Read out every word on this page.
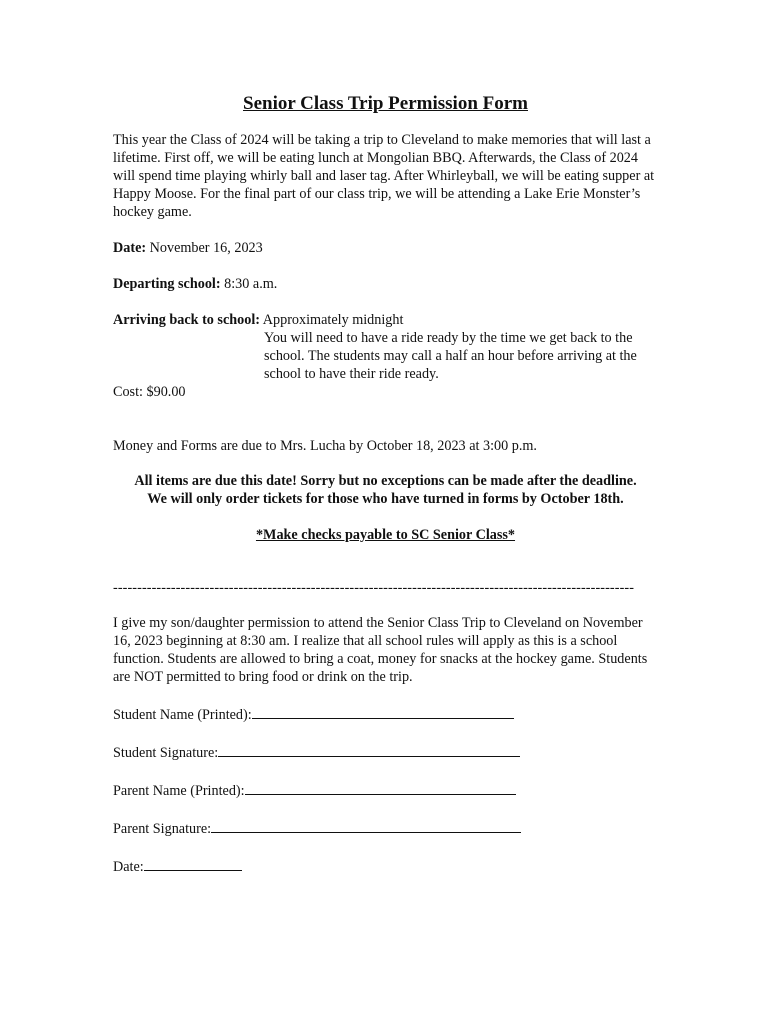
Senior Class Trip Permission Form

This year the Class of 2024 will be taking a trip to Cleveland to make memories that will last a lifetime. First off, we will be eating lunch at Mongolian BBQ. Afterwards, the Class of 2024 will spend time playing whirly ball and laser tag. After Whirleyball, we will be eating supper at Happy Moose. For the final part of our class trip, we will be attending a Lake Erie Monster’s hockey game.

Date: November 16, 2023

Departing school: 8:30 a.m.

Arriving back to school: Approximately midnight

You will need to have a ride ready by the time we get back to the school. The students may call a half an hour before arriving at the school to have their ride ready.

Cost: $90.00

Money and Forms are due to Mrs. Lucha by October 18, 2023 at 3:00 p.m.

All items are due this date! Sorry but no exceptions can be made after the deadline.
We will only order tickets for those who have turned in forms by October 18th.
*Make checks payable to SC Senior Class*
------------------------------------------------------------------------------------------------------------

I give my son/daughter permission to attend the Senior Class Trip to Cleveland on November 16, 2023 beginning at 8:30 am. I realize that all school rules will apply as this is a school function. Students are allowed to bring a coat, money for snacks at the hockey game. Students are NOT permitted to bring food or drink on the trip.

Student Name (Printed):
Student Signature:
Parent Name (Printed):
Parent Signature:
Date:
